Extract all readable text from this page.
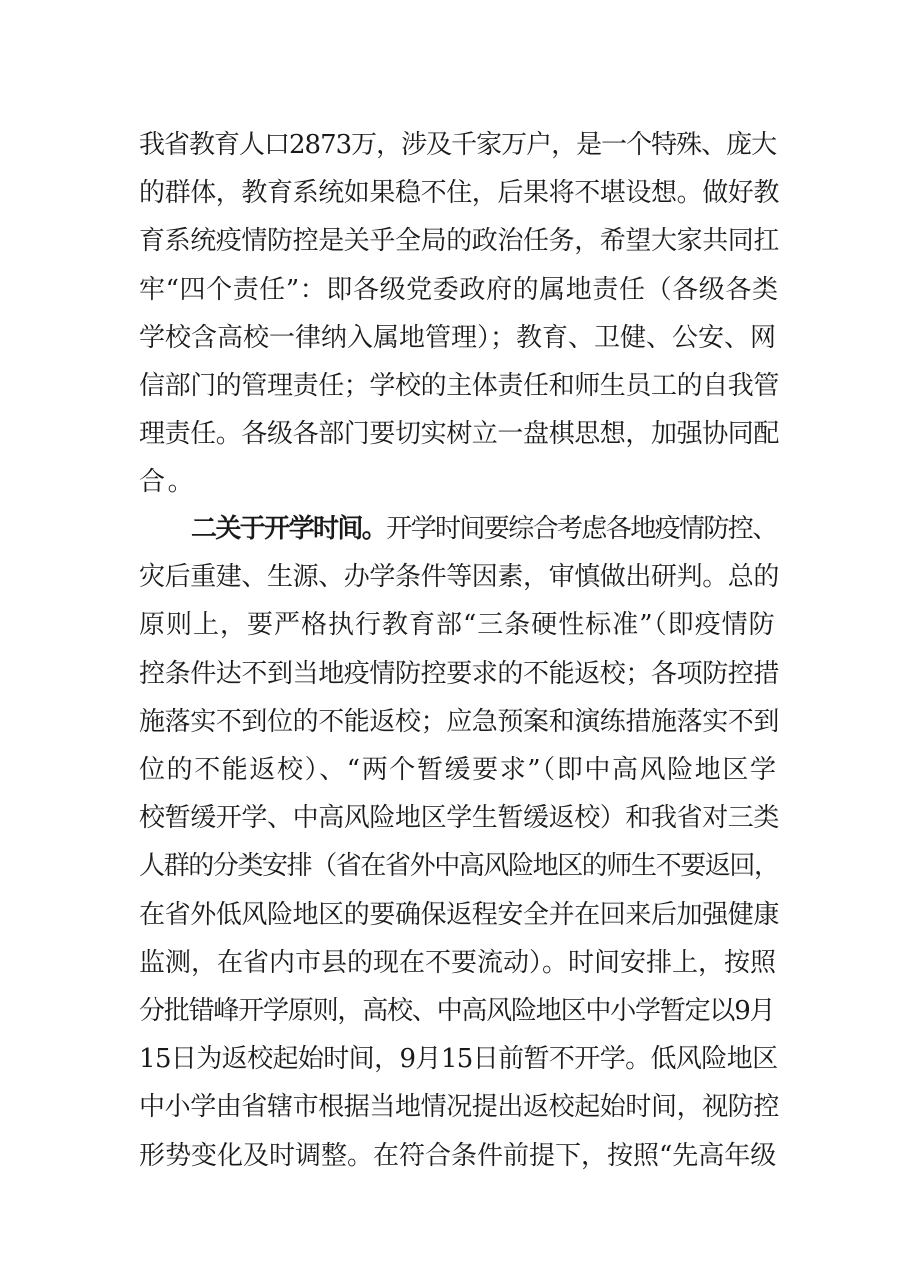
我省教育人口2873万，涉及千家万户，是一个特殊、庞大
的群体，教育系统如果稳不住，后果将不堪设想。做好教
育系统疫情防控是关乎全局的政治任务，希望大家共同扛
牢“四个责任”：即各级党委政府的属地责任（各级各类
学校含高校一律纳入属地管理）；教育、卫健、公安、网
信部门的管理责任；学校的主体责任和师生员工的自我管
理责任。各级各部门要切实树立一盘棋思想，加强协同配
合。
二关于开学时间。开学时间要综合考虑各地疫情防控、
灾后重建、生源、办学条件等因素，审慎做出研判。总的
原则上，要严格执行教育部“三条硬性标准”（即疫情防
控条件达不到当地疫情防控要求的不能返校；各项防控措
施落实不到位的不能返校；应急预案和演练措施落实不到
位的不能返校）、“两个暂缓要求”（即中高风险地区学
校暂缓开学、中高风险地区学生暂缓返校）和我省对三类
人群的分类安排（省在省外中高风险地区的师生不要返回，
在省外低风险地区的要确保返程安全并在回来后加强健康
监测，在省内市县的现在不要流动）。时间安排上，按照
分批错峰开学原则，高校、中高风险地区中小学暂定以9月
15日为返校起始时间，9月15日前暂不开学。低风险地区
中小学由省辖市根据当地情况提出返校起始时间，视防控
形势变化及时调整。在符合条件前提下，按照“先高年级
